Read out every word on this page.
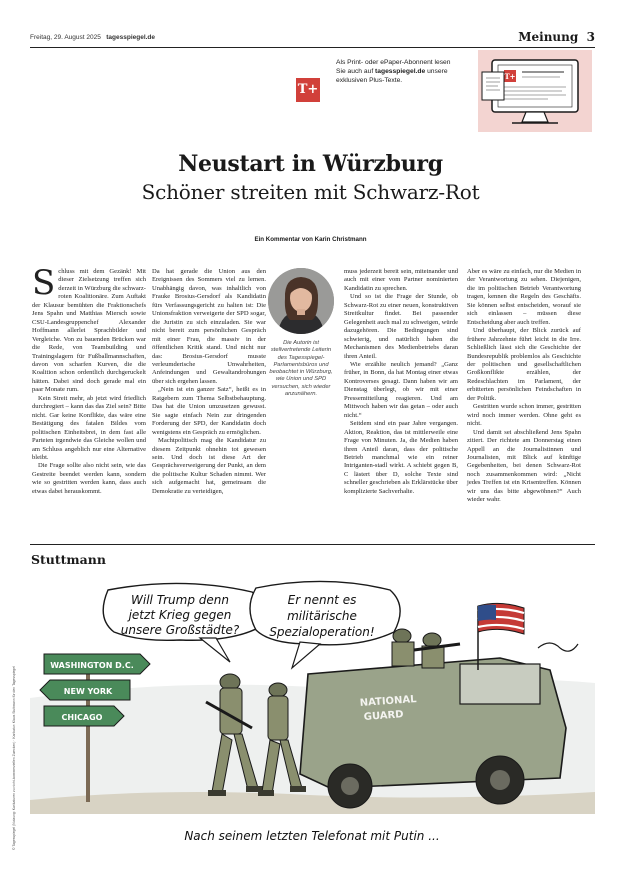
Freitag, 29. August 2025 tagesspiegel.de	Meinung 3
T+
Als Print- oder ePaper-Abonnent lesen
Sie auch auf tagesspiegel.de unsere
exklusiven Plus-Texte.	T+
Neustart in Würzburg
Schöner streiten mit Schwarz-Rot
Ein Kommentar von Karin Christmann

Schluss mit dem Gezänk! Mit dieser Zielsetzung treffen sich derzeit in Würzburg die schwarz-roten Koalitionäre. Zum Auftakt der Klausur bemühten die Fraktionschefs Jens Spahn und Matthias Miersch sowie CSU-Landesgruppenchef Alexander Hoffmann allerlei Sprachbilder und Vergleiche. Von zu bauenden Brücken war die Rede, von Teambuilding und Trainingslagern für Fußballmannschaften, davon von scharfen Kurven, die die Koalition schon ordentlich durchgeruckelt hätten. Dabei sind doch gerade mal ein paar Monate rum.

Kein Streit mehr, ab jetzt wird friedlich durchregiert – kann das das Ziel sein? Bitte nicht. Gar keine Konflikte, das wäre eine Bestätigung des fatalen Bildes vom politischen Einheitsbrei, in dem fast alle Parteien irgendwie das Gleiche wollen und am Schluss angeblich nur eine Alternative bleibt.

Die Frage sollte also nicht sein, wie das Gestreite beendet werden kann, sondern wie so gestritten werden kann, dass auch etwas dabei herauskommt.

Da hat gerade die Union aus den Ereignissen des Sommers viel zu lernen. Unabhängig davon, was inhaltlich von Frauke Brosius-Gersdorf als Kandidatin fürs Verfassungsgericht zu halten ist: Die Unionsfraktion verweigerte der SPD sogar, die Juristin zu sich einzuladen. Sie war nicht bereit zum persönlichen Gespräch mit einer Frau, die massiv in der öffentlichen Kritik stand. Und nicht nur das: Brosius-Gersdorf musste verleumderische Unwahrheiten, Anfeindungen und Gewaltandrohungen über sich ergehen lassen.

„Nein ist ein ganzer Satz“, heißt es in Ratgebern zum Thema Selbstbehauptung. Das hat die Union umzusetzen gewusst. Sie sagte einfach Nein zur dringenden Forderung der SPD, der Kandidatin doch wenigstens ein Gespräch zu ermöglichen.

Machtpolitisch mag die Kandidatur zu diesem Zeitpunkt ohnehin tot gewesen sein. Und doch ist diese Art der Gesprächsverweigerung der Punkt, an dem die politische Kultur Schaden nimmt. Wer sich aufgemacht hat, gemeinsam die Demokratie zu verteidigen,

Die Autorin ist stellvertretende Leiterin des Tagesspiegel-Parlamentsbüros und beobachtet in Würzburg, wie Union und SPD versuchen, sich wieder anzunähern.

muss jederzeit bereit sein, miteinander und auch mit einer vom Partner nominierten Kandidatin zu sprechen.

Und so ist die Frage der Stunde, ob Schwarz-Rot zu einer neuen, konstruktiven Streitkultur findet. Bei passender Gelegenheit auch mal zu schweigen, würde dazugehören. Die Bedingungen sind schwierig, und natürlich haben die Mechanismen des Medienbetriebs daran ihren Anteil.

Wie erzählte neulich jemand? „Ganz früher, in Bonn, da hat Montag einer etwas Kontroverses gesagt. Dann haben wir am Dienstag überlegt, ob wir mit einer Pressemitteilung reagieren. Und am Mittwoch haben wir das getan – oder auch nicht.“

Seitdem sind ein paar Jahre vergangen. Aktion, Reaktion, das ist mittlerweile eine Frage von Minuten. Ja, die Medien haben ihren Anteil daran, dass der politische Betrieb manchmal wie ein reiner Intriganten-stadl wirkt. A schiebt gegen B, C lästert über D, solche Texte sind schneller geschrieben als Erklärstücke über komplizierte Sachverhalte.

Aber es wäre zu einfach, nur die Medien in der Verantwortung zu sehen. Diejenigen, die im politischen Betrieb Verantwortung tragen, kennen die Regeln des Geschäfts. Sie können selbst entscheiden, worauf sie sich einlassen – müssen diese Entscheidung aber auch treffen.

Und überhaupt, der Blick zurück auf frühere Jahrzehnte führt leicht in die Irre. Schließlich lässt sich die Geschichte der Bundesrepublik problemlos als Geschichte der politischen und gesellschaftlichen Großkonflikte erzählen, der Redeschlachten im Parlament, der erbitterten persönlichen Feindschaften in der Politik.

Gestritten wurde schon immer, gestritten wird noch immer werden. Ohne geht es nicht.

Und damit sei abschließend Jens Spahn zitiert. Der richtete am Donnerstag einen Appell an die Journalistinnen und Journalisten, mit Blick auf künftige Gegebenheiten, bei denen Schwarz-Rot noch zusammenkommen wird: „Nicht jedes Treffen ist ein Krisentreffen. Können wir uns das bitte abgewöhnen?“ Auch wieder wahr.

Stuttmann
© Tagesspiegel (Nutzung: Karikaturen zu nicht-kommerziellen Zwecken) · Karikatur: Klaus Stuttmann für den Tagesspiegel
Will Trump denn
jetzt Krieg gegen
unsere Großstädte?
Er nennt es
militärische
Spezialoperation!
WASHINGTON D.C.
NEW YORK
CHICAGO
NATIONAL
GUARD
Nach seinem letzten Telefonat mit Putin ...
